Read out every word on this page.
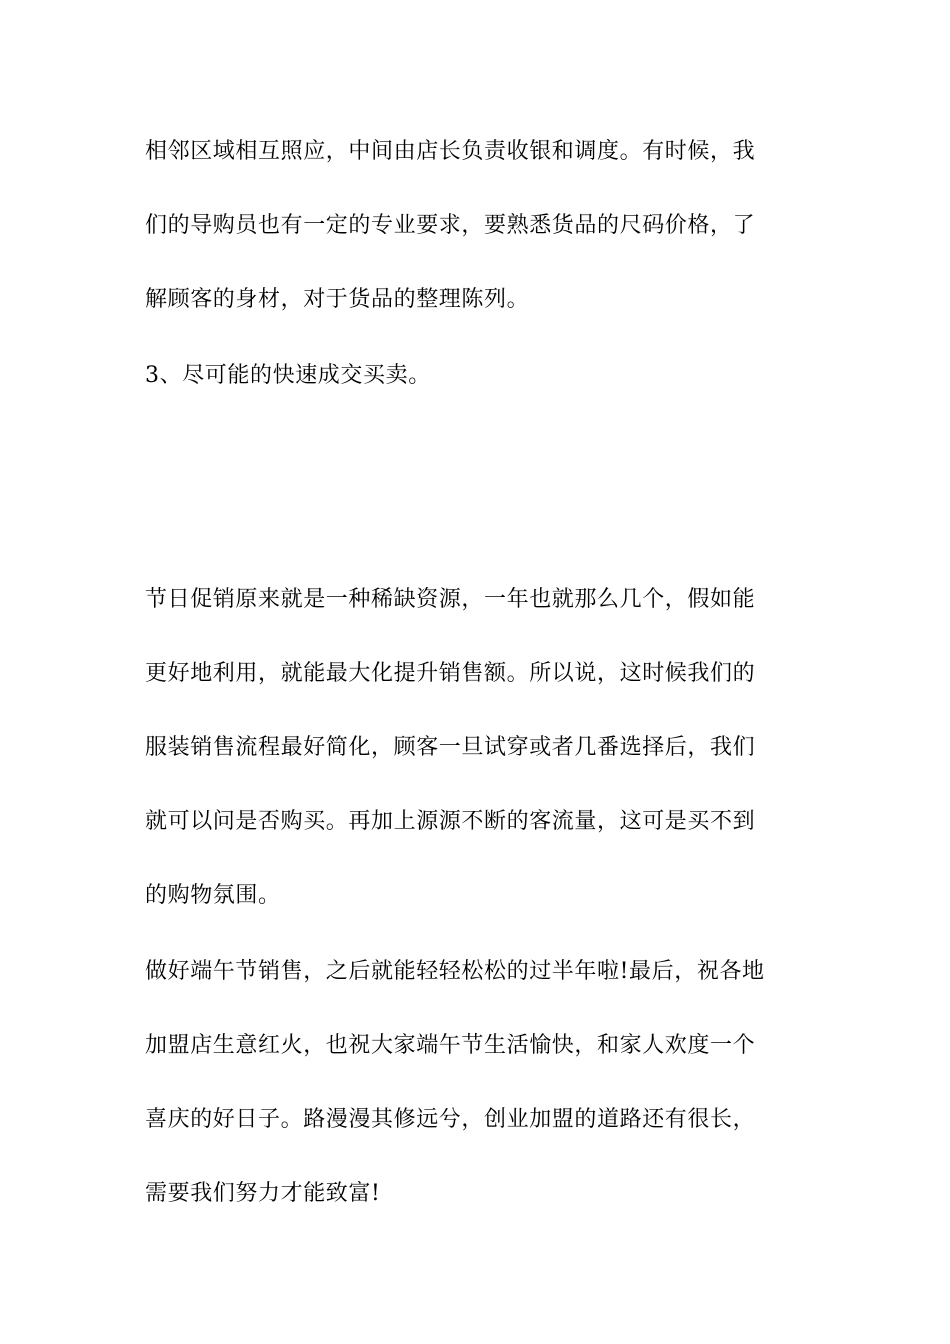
相邻区域相互照应，中间由店长负责收银和调度。有时候，我
们的导购员也有一定的专业要求，要熟悉货品的尺码价格，了
解顾客的身材，对于货品的整理陈列。
3、尽可能的快速成交买卖。
节日促销原来就是一种稀缺资源，一年也就那么几个，假如能
更好地利用，就能最大化提升销售额。所以说，这时候我们的
服装销售流程最好简化，顾客一旦试穿或者几番选择后，我们
就可以问是否购买。再加上源源不断的客流量，这可是买不到
的购物氛围。
做好端午节销售，之后就能轻轻松松的过半年啦!最后，祝各地
加盟店生意红火，也祝大家端午节生活愉快，和家人欢度一个
喜庆的好日子。路漫漫其修远兮，创业加盟的道路还有很长，
需要我们努力才能致富!
